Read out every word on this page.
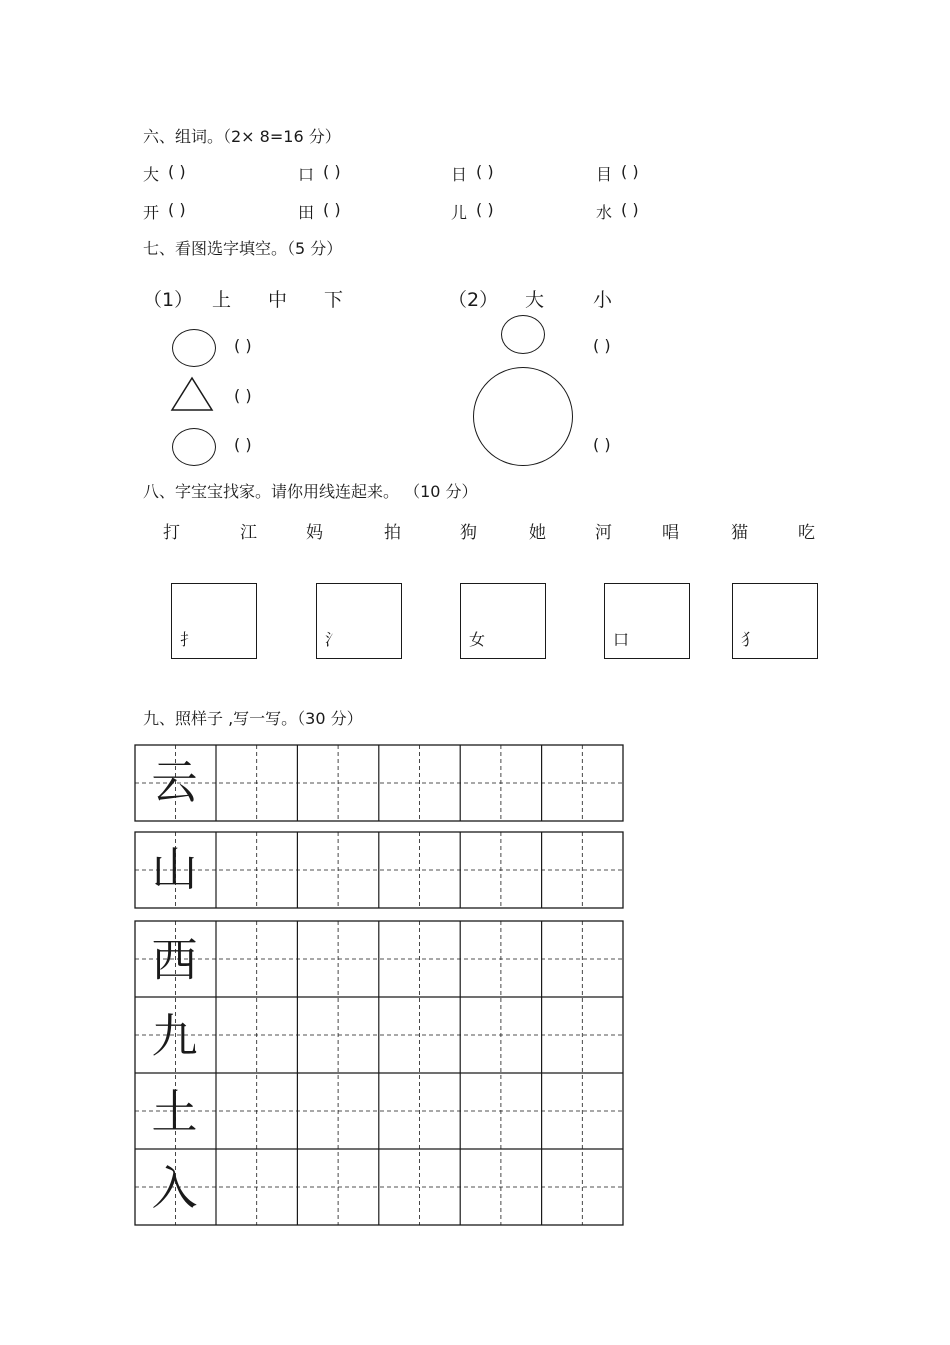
六、组词。（2× 8=16 分）
大 ( )	口 ( )	日 ( )	目 ( )
开 ( )	田 ( )	儿 ( )	水 ( )
七、看图选字填空。（5 分）
（1） 上 中 下	（2） 大	小
( )
( )
( )
( )
( )
八、字宝宝找家。请你用线连起来。 （10 分）
打	江	妈	拍	狗	她	河	唱	猫	吃
扌	氵	女	口	犭
九、照样子 ,写一写。（30 分）
云
山
西
九
土
入
